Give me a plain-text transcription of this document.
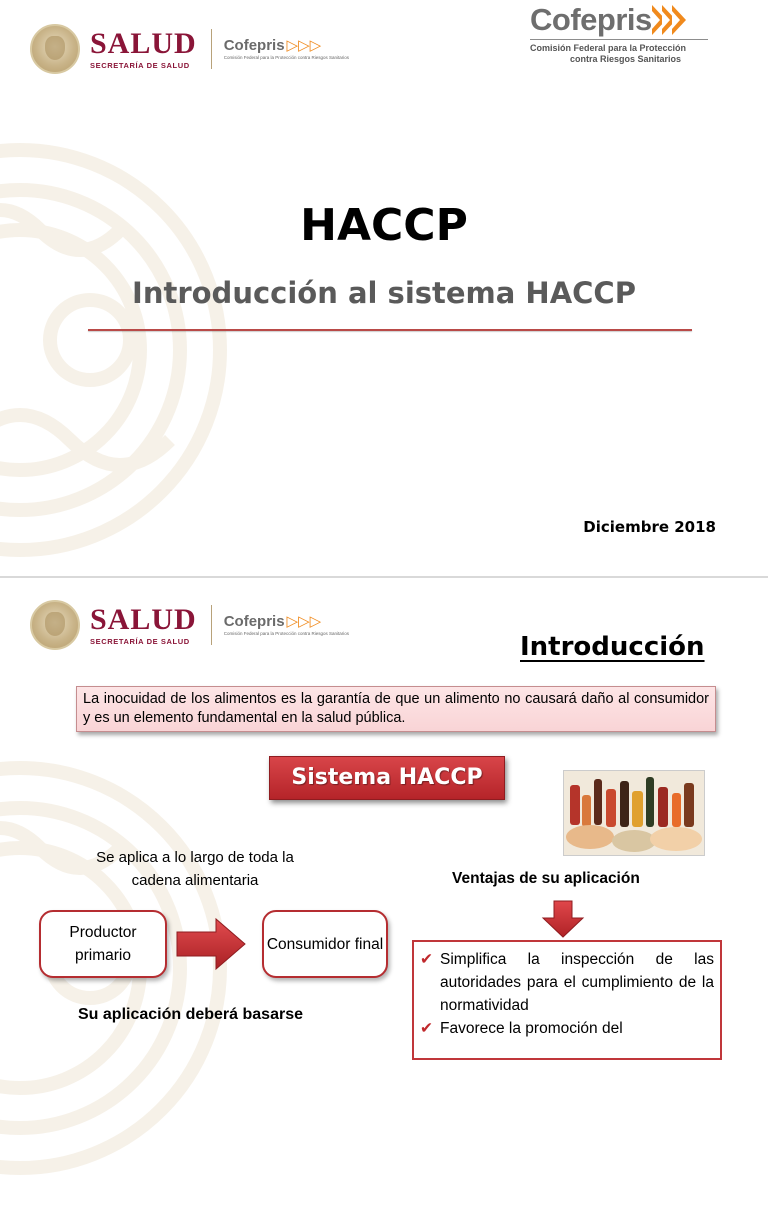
SALUD
SECRETARÍA DE SALUD
Cofepris ▷▷▷
Comisión Federal para la Protección contra Riesgos Sanitarios
Cofepris
Comisión Federal para la Protección
contra Riesgos Sanitarios
HACCP
Introducción al sistema HACCP
Diciembre 2018
SALUD
SECRETARÍA DE SALUD
Cofepris ▷▷▷
Comisión Federal para la Protección contra Riesgos Sanitarios	Introducción
La inocuidad de los alimentos es la garantía de que un alimento no causará daño al consumidor y es un elemento fundamental en la salud pública.
Sistema HACCP
Se aplica a lo largo de toda la cadena alimentaria	Ventajas de su aplicación
Productor primario
Consumidor final
✔ Simplifica la inspección de las autoridades para el cumplimiento de la normatividad
✔ Favorece la promoción del
Su aplicación deberá basarse
